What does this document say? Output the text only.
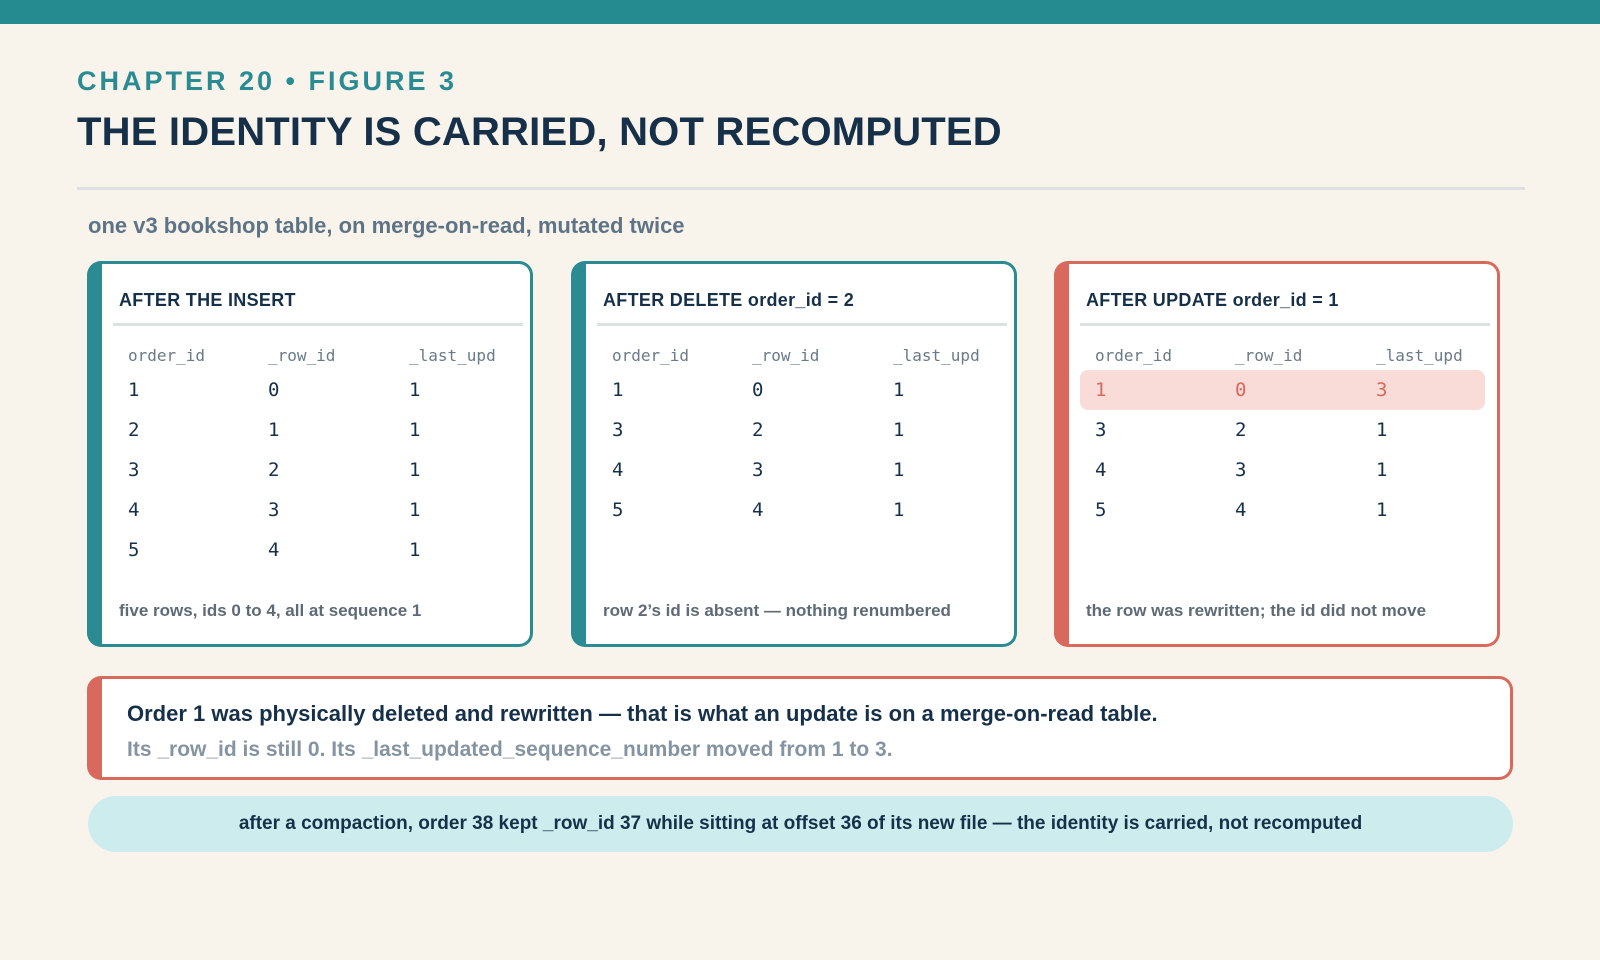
CHAPTER 20 • FIGURE 3
THE IDENTITY IS CARRIED, NOT RECOMPUTED
one v3 bookshop table, on merge-on-read, mutated twice
AFTER THE INSERT
order_id	_row_id	_last_upd
1	0	1
2	1	1
3	2	1
4	3	1
5	4	1
five rows, ids 0 to 4, all at sequence 1
AFTER DELETE order_id = 2
order_id	_row_id	_last_upd
1	0	1
3	2	1
4	3	1
5	4	1
row 2’s id is absent — nothing renumbered
AFTER UPDATE order_id = 1
order_id	_row_id	_last_upd
1	0	3
3	2	1
4	3	1
5	4	1
the row was rewritten; the id did not move
Order 1 was physically deleted and rewritten — that is what an update is on a merge-on-read table.
Its _row_id is still 0. Its _last_updated_sequence_number moved from 1 to 3.
after a compaction, order 38 kept _row_id 37 while sitting at offset 36 of its new file — the identity is carried, not recomputed
